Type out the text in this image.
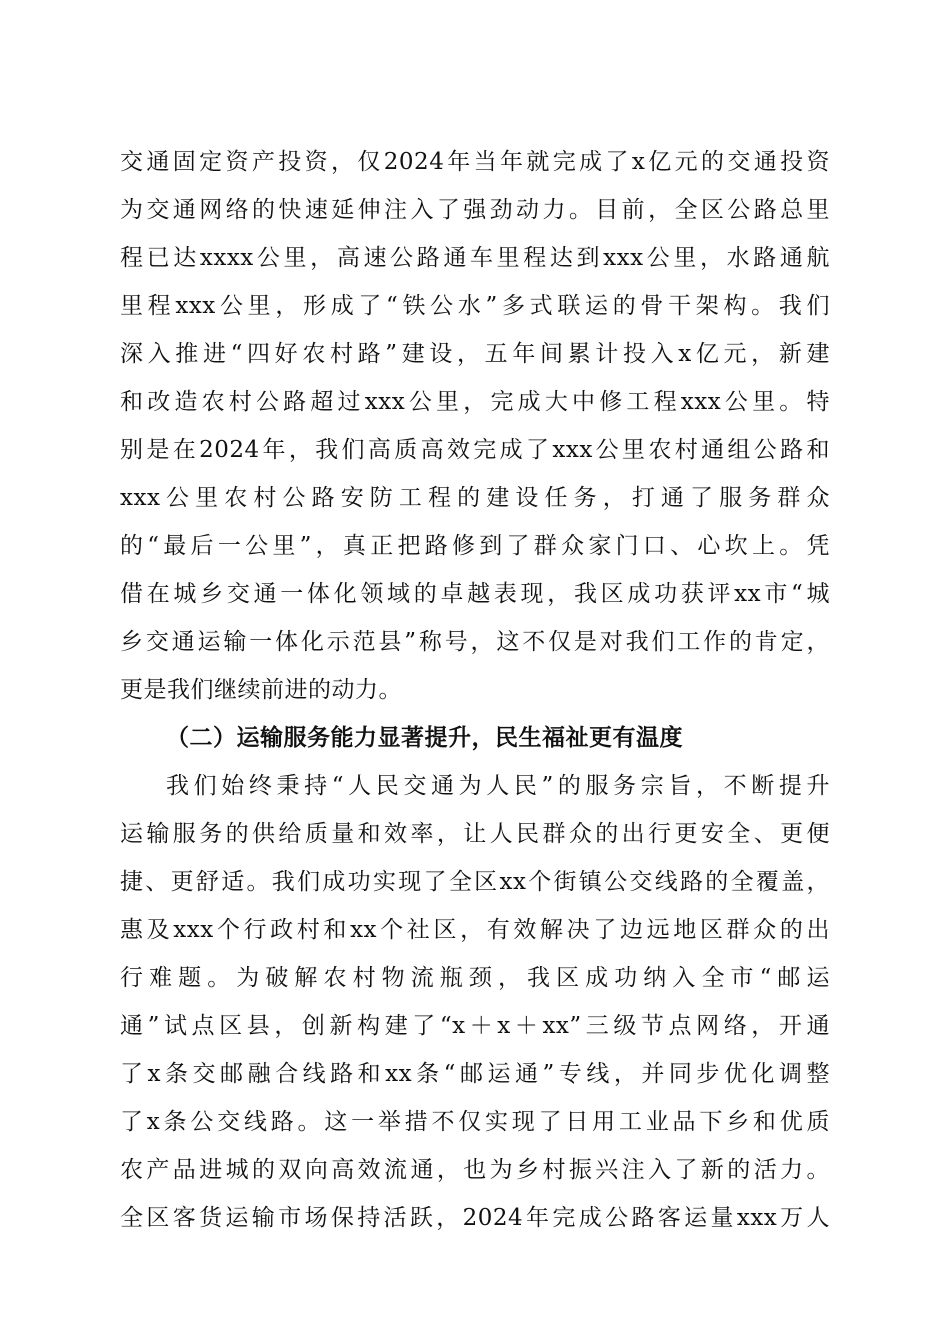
交通固定资产投资，仅2024年当年就完成了x亿元的交通投资
为交通网络的快速延伸注入了强劲动力。目前，全区公路总里
程已达xxxx公里，高速公路通车里程达到xxx公里，水路通航
里程xxx公里，形成了“铁公水”多式联运的骨干架构。我们
深入推进“四好农村路”建设，五年间累计投入x亿元，新建
和改造农村公路超过xxx公里，完成大中修工程xxx公里。特
别是在2024年，我们高质高效完成了xxx公里农村通组公路和
xxx公里农村公路安防工程的建设任务，打通了服务群众
的“最后一公里”，真正把路修到了群众家门口、心坎上。凭
借在城乡交通一体化领域的卓越表现，我区成功获评xx市“城
乡交通运输一体化示范县”称号，这不仅是对我们工作的肯定，
更是我们继续前进的动力。
（二）运输服务能力显著提升，民生福祉更有温度
我们始终秉持“人民交通为人民”的服务宗旨，不断提升
运输服务的供给质量和效率，让人民群众的出行更安全、更便
捷、更舒适。我们成功实现了全区xx个街镇公交线路的全覆盖，
惠及xxx个行政村和xx个社区，有效解决了边远地区群众的出
行难题。为破解农村物流瓶颈，我区成功纳入全市“邮运
通”试点区县，创新构建了“x＋x＋xx”三级节点网络，开通
了x条交邮融合线路和xx条“邮运通”专线，并同步优化调整
了x条公交线路。这一举措不仅实现了日用工业品下乡和优质
农产品进城的双向高效流通，也为乡村振兴注入了新的活力。
全区客货运输市场保持活跃，2024年完成公路客运量xxx万人
